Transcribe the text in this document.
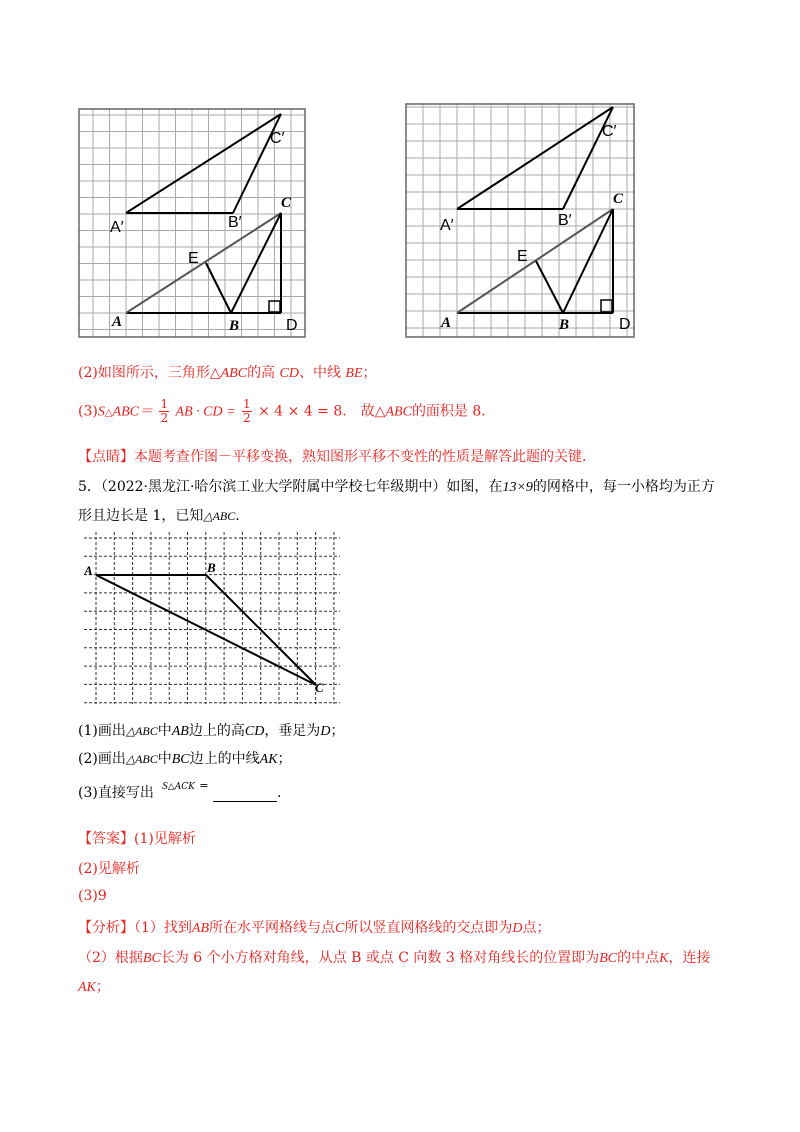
A′	B′
C′
C
E
A	B	D
A′	B′
C′
C
E
A	B	D
(2)如图所示，三角形△ABC的高 CD、中线 BE；
(3)S△ABC＝ $\frac{1}{2}$ AB · CD = $\frac{1}{2} \times 4 \times 4 = 8$.　故△ABC的面积是 8．
【点睛】本题考查作图－平移变换，熟知图形平移不变性的性质是解答此题的关键.
5．（2022·黑龙江·哈尔滨工业大学附属中学校七年级期中）如图，在13×9的网格中，每一小格均为正方
形且边长是 1，已知△ABC.
A	B
C
(1)画出△ABC中AB边上的高CD，垂足为D；
(2)画出△ABC中BC边上的中线AK；
(3)直接写出 S△ACK =	.
【答案】(1)见解析
(2)见解析
(3)9
【分析】（1）找到AB所在水平网格线与点C所以竖直网格线的交点即为D点；
（2）根据BC长为 6 个小方格对角线，从点 B 或点 C 向数 3 格对角线长的位置即为BC的中点K，连接
AK；
